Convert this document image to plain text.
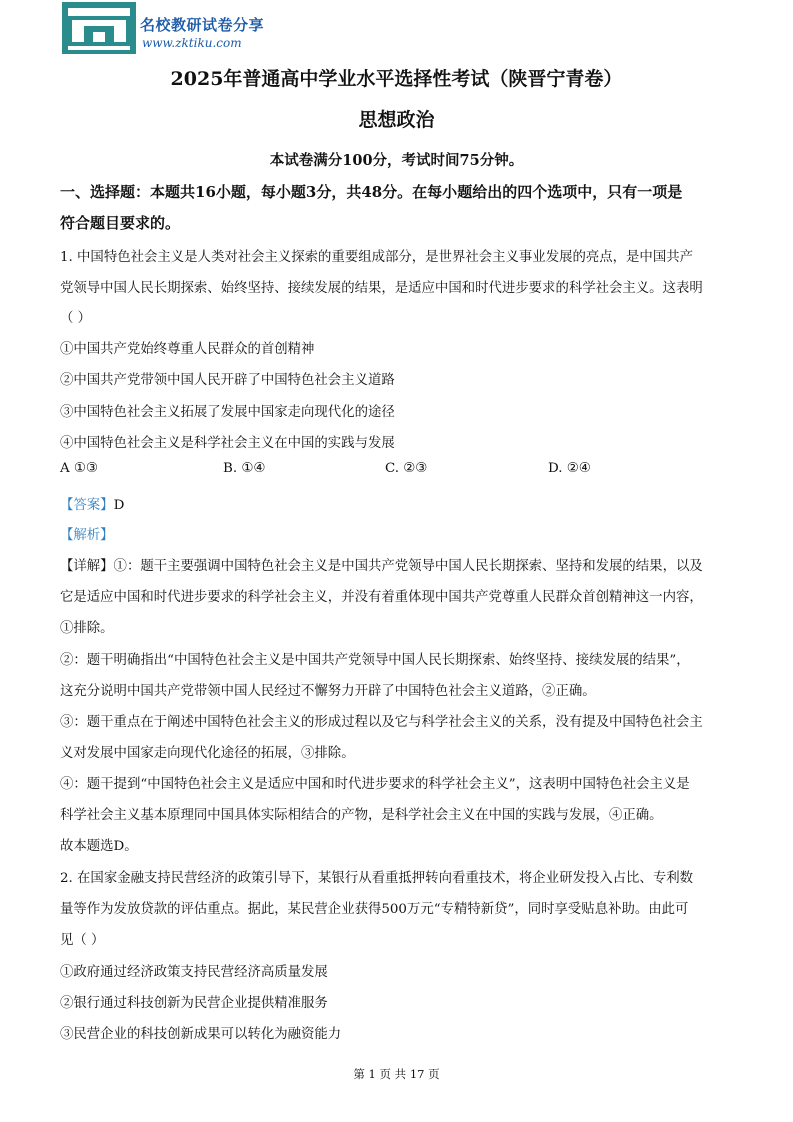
名校教研试卷分享
www.zktiku.com
2025年普通高中学业水平选择性考试（陕晋宁青卷）
思想政治
本试卷满分100分，考试时间75分钟。
一、选择题：本题共16小题，每小题3分，共48分。在每小题给出的四个选项中，只有一项是
符合题目要求的。
1. 中国特色社会主义是人类对社会主义探索的重要组成部分，是世界社会主义事业发展的亮点，是中国共产
党领导中国人民长期探索、始终坚持、接续发展的结果，是适应中国和时代进步要求的科学社会主义。这表明
（ ）
①中国共产党始终尊重人民群众的首创精神
②中国共产党带领中国人民开辟了中国特色社会主义道路
③中国特色社会主义拓展了发展中国家走向现代化的途径
④中国特色社会主义是科学社会主义在中国的实践与发展
A ①③	B. ①④	C. ②③	D. ②④
【答案】D
【解析】
【详解】①：题干主要强调中国特色社会主义是中国共产党领导中国人民长期探索、坚持和发展的结果，以及
它是适应中国和时代进步要求的科学社会主义，并没有着重体现中国共产党尊重人民群众首创精神这一内容，
①排除。
②：题干明确指出“中国特色社会主义是中国共产党领导中国人民长期探索、始终坚持、接续发展的结果”，
这充分说明中国共产党带领中国人民经过不懈努力开辟了中国特色社会主义道路，②正确。
③：题干重点在于阐述中国特色社会主义的形成过程以及它与科学社会主义的关系，没有提及中国特色社会主
义对发展中国家走向现代化途径的拓展，③排除。
④：题干提到“中国特色社会主义是适应中国和时代进步要求的科学社会主义”，这表明中国特色社会主义是
科学社会主义基本原理同中国具体实际相结合的产物，是科学社会主义在中国的实践与发展，④正确。
故本题选D。
2. 在国家金融支持民营经济的政策引导下，某银行从看重抵押转向看重技术，将企业研发投入占比、专利数
量等作为发放贷款的评估重点。据此，某民营企业获得500万元“专精特新贷”，同时享受贴息补助。由此可
见（ ）
①政府通过经济政策支持民营经济高质量发展
②银行通过科技创新为民营企业提供精准服务
③民营企业的科技创新成果可以转化为融资能力
第 1 页 共 17 页
